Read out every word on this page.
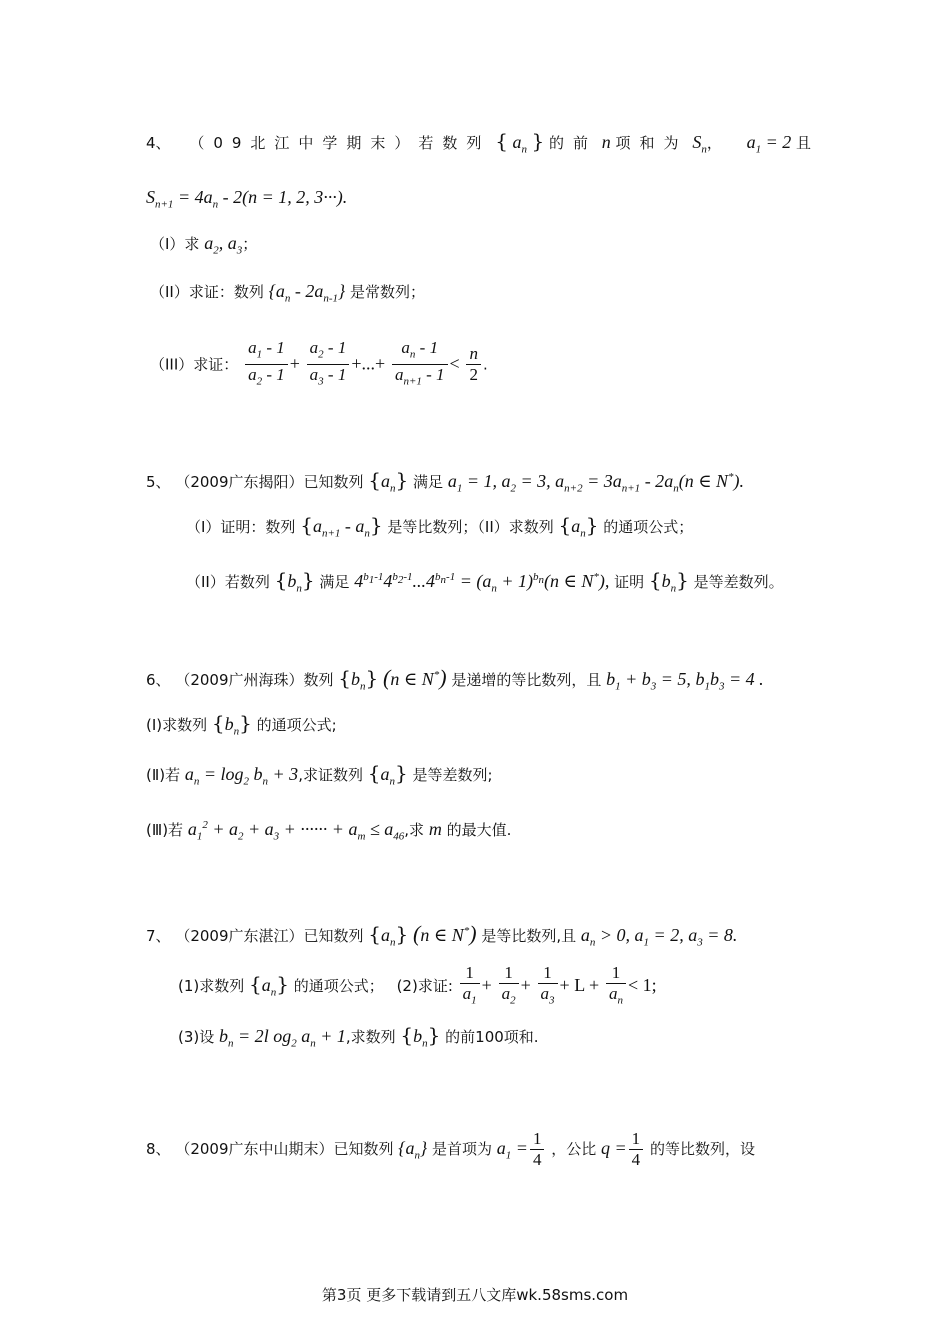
4、 （09北江中学期末）若数列 { $a_n$ } 的前 n 项和为 $S_n$， $a_1 = 2$ 且
$S_{n+1} = 4a_n - 2(n = 1$, 2, 3···).
（I）求 $a_2$, $a_3$；
（II）求证：数列 $\{a_n - 2a_{n-1}\}$ 是常数列；
（III）求证： $\frac{a_1 - 1}{a_2 - 1} + \frac{a_2 - 1}{a_3 - 1}$ +...+ $\frac{a_n - 1}{a_{n+1} - 1} < \frac{n}{2}$ .
5、 （2009广东揭阳）已知数列 $\{a_n\}$ 满足 $a_1 = 1$, $a_2 = 3$, $a_{n+2} = 3a_{n+1} - 2a_n(n$ ∈ N*).
（I）证明：数列 $\{a_{n+1} - a_n\}$ 是等比数列；（II）求数列 $\{a_n\}$ 的通项公式；
（II）若数列 $\{b_n\}$ 满足 $4^{b_1-1}4^{b_2-1}...4^{b_n-1} = (a_n + 1)^{b_n}(n$ ∈ N*), 证明 $\{b_n\}$ 是等差数列。
6、 （2009广州海珠）数列 $\{b_n\}$ (n ∈ N*) 是递增的等比数列，且 $b_1 + b_3 = 5$, $b_1b_3 = 4$ .
(Ⅰ)求数列 $\{b_n\}$ 的通项公式;
(Ⅱ)若 $a_n = \log_2 b_n + 3$,求证数列 $\{a_n\}$ 是等差数列;
(Ⅲ)若 $a_1^2 + a_2 + a_3$ + ······ + $a_m \le a_{46}$,求 m 的最大值.
7、 （2009广东湛江）已知数列 $\{a_n\}$ (n ∈ N*) 是等比数列,且 $a_n > 0$, $a_1 = 2$, $a_3 = 8$.
(1)求数列 $\{a_n\}$ 的通项公式； (2)求证: $\frac{1}{a_1} + \frac{1}{a_2} + \frac{1}{a_3} + L + \frac{1}{a_n} < 1$;
(3)设 $b_n = 2l$ $og_2$ $a_n + 1$,求数列 $\{b_n\}$ 的前100项和.
8、 （2009广东中山期末）已知数列 $\{a_n\}$ 是首项为 $a_1 = \frac{1}{4}$ ，公比 $q = \frac{1}{4}$ 的等比数列，设
第3页 更多下载请到五八文库wk.58sms.com
